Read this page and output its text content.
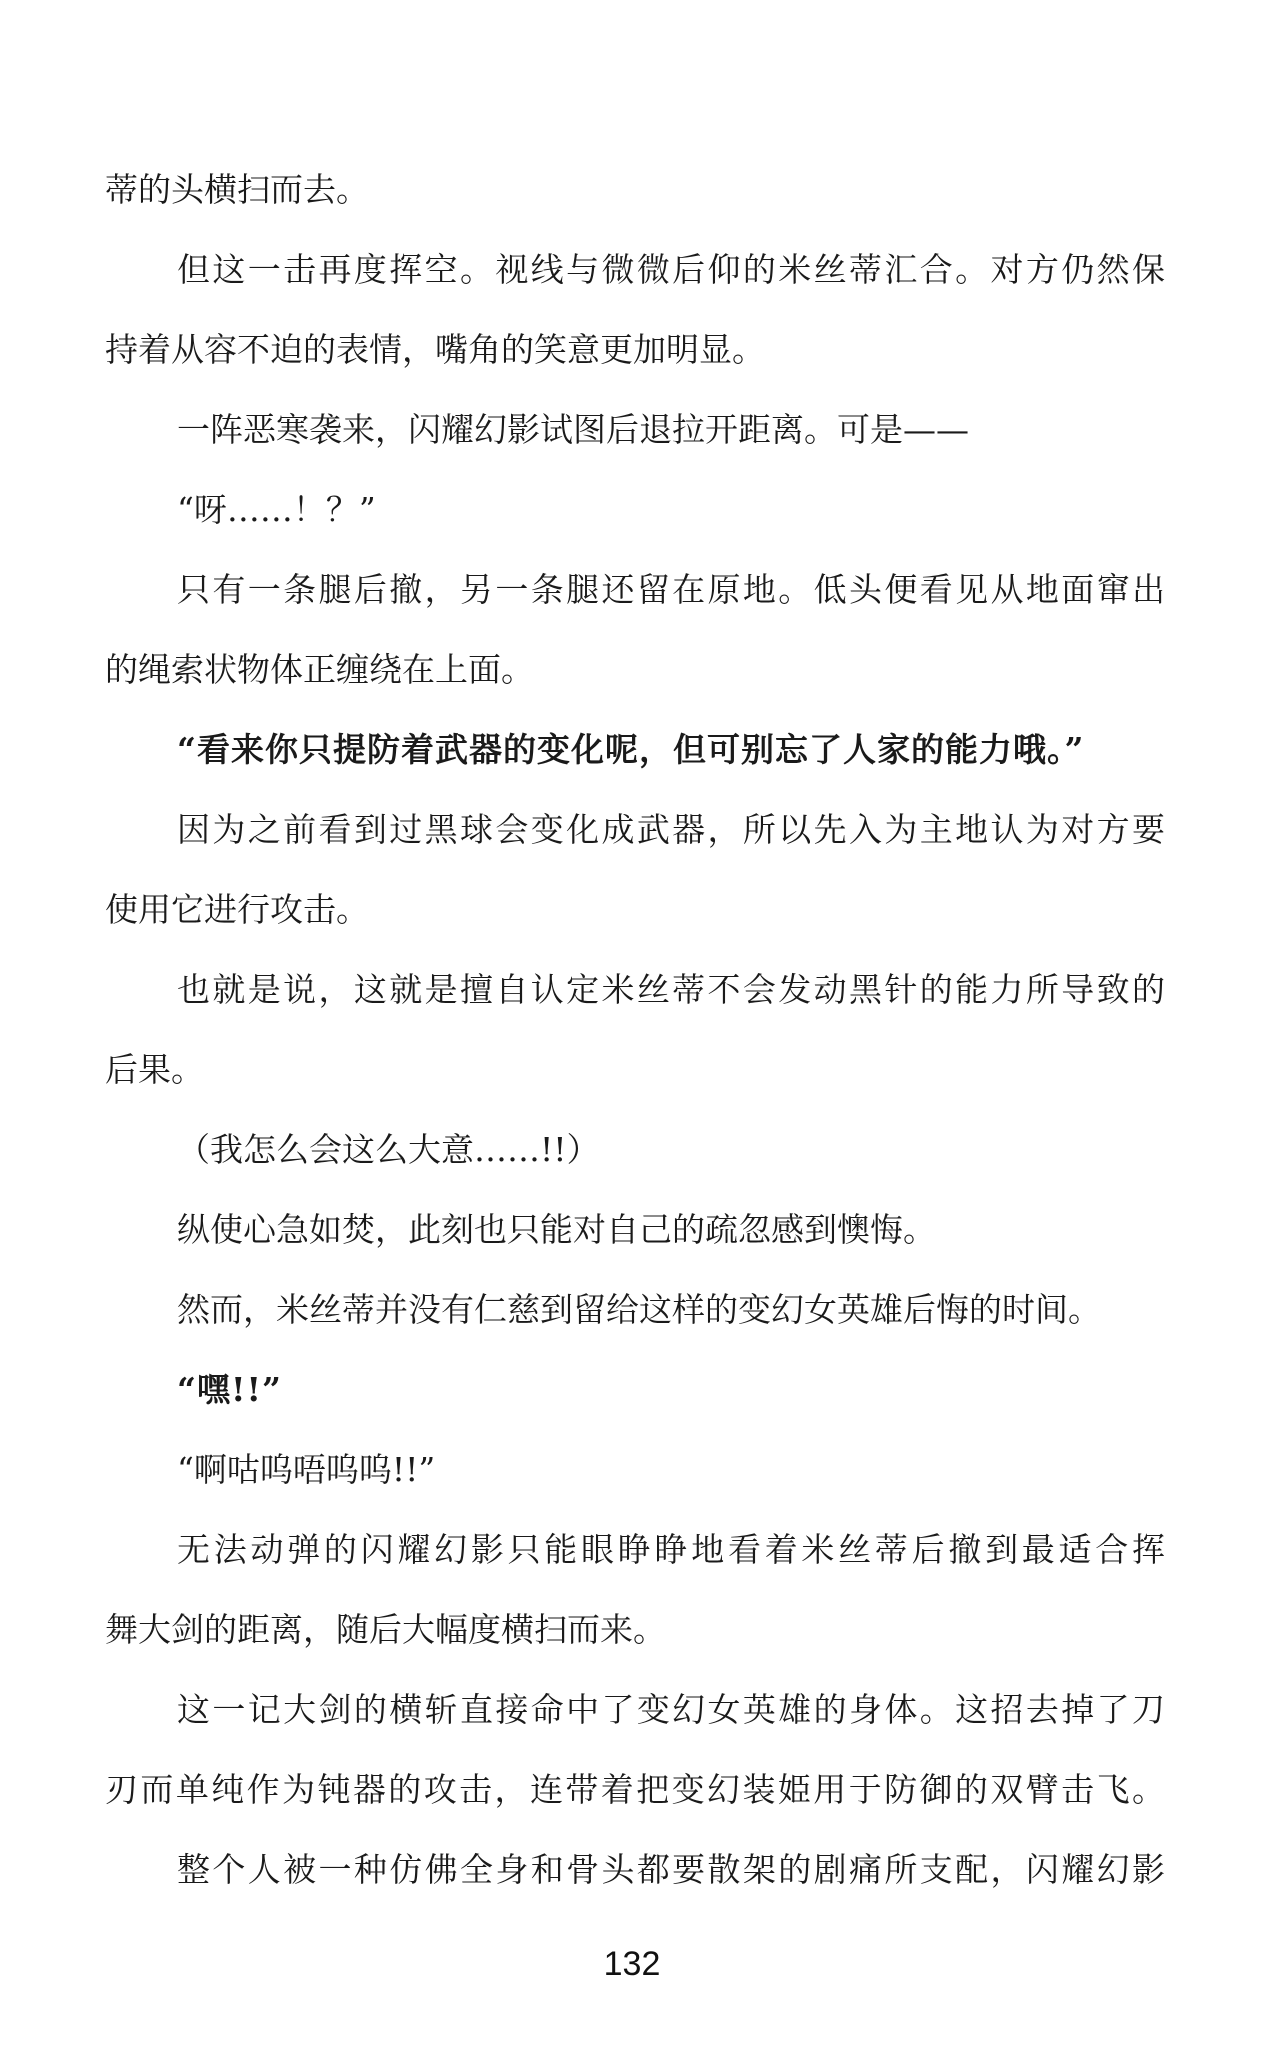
蒂的头横扫而去。
但这一击再度挥空。视线与微微后仰的米丝蒂汇合。对方仍然保
持着从容不迫的表情，嘴角的笑意更加明显。
一阵恶寒袭来，闪耀幻影试图后退拉开距离。可是——
“呀……！？”
只有一条腿后撤，另一条腿还留在原地。低头便看见从地面窜出
的绳索状物体正缠绕在上面。
“看来你只提防着武器的变化呢，但可别忘了人家的能力哦。”
因为之前看到过黑球会变化成武器，所以先入为主地认为对方要
使用它进行攻击。
也就是说，这就是擅自认定米丝蒂不会发动黑针的能力所导致的
后果。
（我怎么会这么大意……!!）
纵使心急如焚，此刻也只能对自己的疏忽感到懊悔。
然而，米丝蒂并没有仁慈到留给这样的变幻女英雄后悔的时间。
“嘿!!”
“啊咕呜唔呜呜!!”
无法动弹的闪耀幻影只能眼睁睁地看着米丝蒂后撤到最适合挥
舞大剑的距离，随后大幅度横扫而来。
这一记大剑的横斩直接命中了变幻女英雄的身体。这招去掉了刀
刃而单纯作为钝器的攻击，连带着把变幻装姫用于防御的双臂击飞。
整个人被一种仿佛全身和骨头都要散架的剧痛所支配，闪耀幻影
132
